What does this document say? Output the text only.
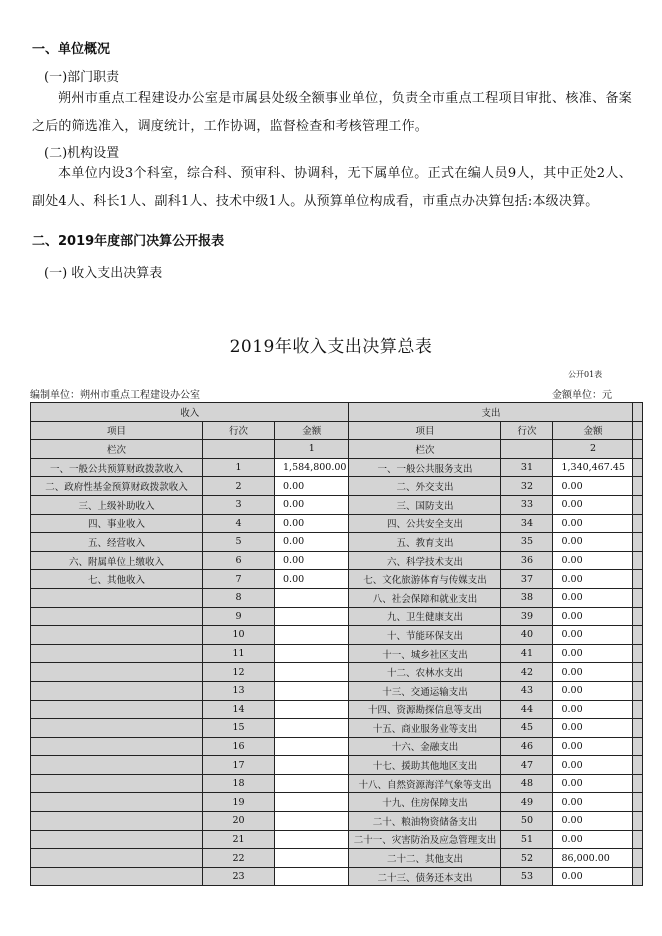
一、单位概况
(一)部门职责
朔州市重点工程建设办公室是市属县处级全额事业单位，负责全市重点工程项目审批、核准、备案之后的筛选准入，调度统计，工作协调，监督检查和考核管理工作。
(二)机构设置
本单位内设3个科室，综合科、预审科、协调科，无下属单位。正式在编人员9人，其中正处2人、副处4人、科长1人、副科1人、技术中级1人。从预算单位构成看，市重点办决算包括:本级决算。
二、2019年度部门决算公开报表
(一) 收入支出决算表
2019年收入支出决算总表
公开01表
编制单位：朔州市重点工程建设办公室	金额单位：元
收入			支出			
项目	行次	金额	项目	行次	金额	
栏次		1	栏次		2	
一、一般公共预算财政拨款收入	1	1,584,800.00	一、一般公共服务支出	31	1,340,467.45	
二、政府性基金预算财政拨款收入	2	0.00	二、外交支出	32	0.00	
三、上级补助收入	3	0.00	三、国防支出	33	0.00	
四、事业收入	4	0.00	四、公共安全支出	34	0.00	
五、经营收入	5	0.00	五、教育支出	35	0.00	
六、附属单位上缴收入	6	0.00	六、科学技术支出	36	0.00	
七、其他收入	7	0.00	七、文化旅游体育与传媒支出	37	0.00	
	8		八、社会保障和就业支出	38	0.00	
	9		九、卫生健康支出	39	0.00	
	10		十、节能环保支出	40	0.00	
	11		十一、城乡社区支出	41	0.00	
	12		十二、农林水支出	42	0.00	
	13		十三、交通运输支出	43	0.00	
	14		十四、资源勘探信息等支出	44	0.00	
	15		十五、商业服务业等支出	45	0.00	
	16		十六、金融支出	46	0.00	
	17		十七、援助其他地区支出	47	0.00	
	18		十八、自然资源海洋气象等支出	48	0.00	
	19		十九、住房保障支出	49	0.00	
	20		二十、粮油物资储备支出	50	0.00	
	21		二十一、灾害防治及应急管理支出	51	0.00	
	22		二十二、其他支出	52	86,000.00	
	23		二十三、债务还本支出	53	0.00	
